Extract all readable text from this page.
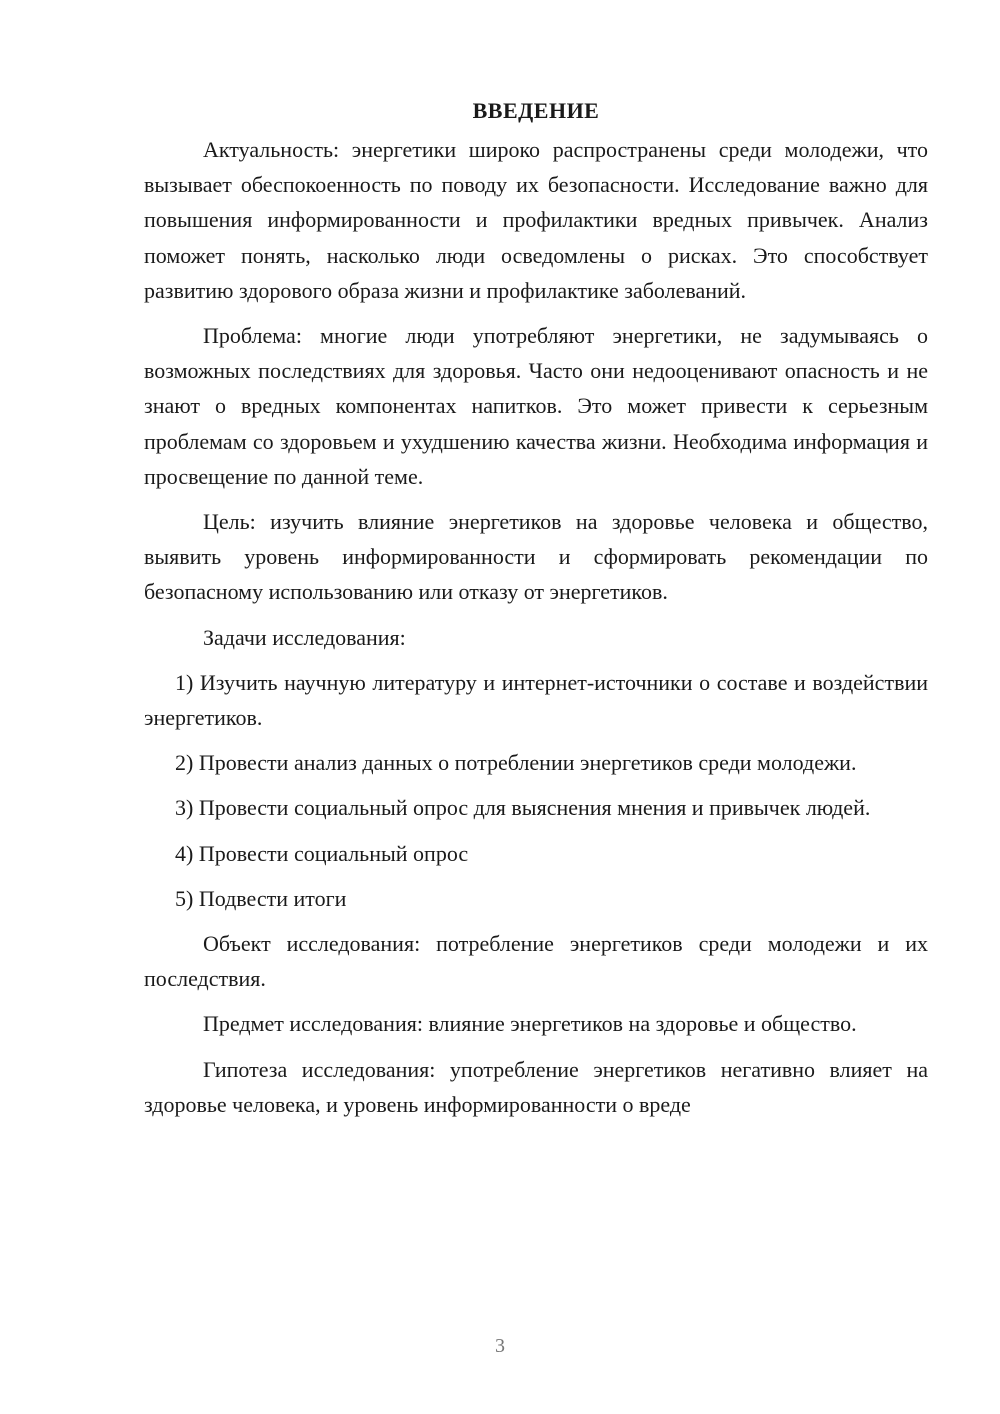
ВВЕДЕНИЕ

Актуальность: энергетики широко распространены среди молодежи, что вызывает обеспокоенность по поводу их безопасности. Исследование важно для повышения информированности и профилактики вредных привычек. Анализ поможет понять, насколько люди осведомлены о рисках. Это способствует развитию здорового образа жизни и профилактике заболеваний.

Проблема: многие люди употребляют энергетики, не задумываясь о возможных последствиях для здоровья. Часто они недооценивают опасность и не знают о вредных компонентах напитков. Это может привести к серьезным проблемам со здоровьем и ухудшению качества жизни. Необходима информация и просвещение по данной теме.

Цель: изучить влияние энергетиков на здоровье человека и общество, выявить уровень информированности и сформировать рекомендации по безопасному использованию или отказу от энергетиков.

Задачи исследования:

1) Изучить научную литературу и интернет-источники о составе и воздействии энергетиков.

2) Провести анализ данных о потреблении энергетиков среди молодежи.

3) Провести социальный опрос для выяснения мнения и привычек людей.

4) Провести социальный опрос

5) Подвести итоги

Объект исследования: потребление энергетиков среди молодежи и их последствия.

Предмет исследования: влияние энергетиков на здоровье и общество.

Гипотеза исследования: употребление энергетиков негативно влияет на здоровье человека, и уровень информированности о вреде

3
